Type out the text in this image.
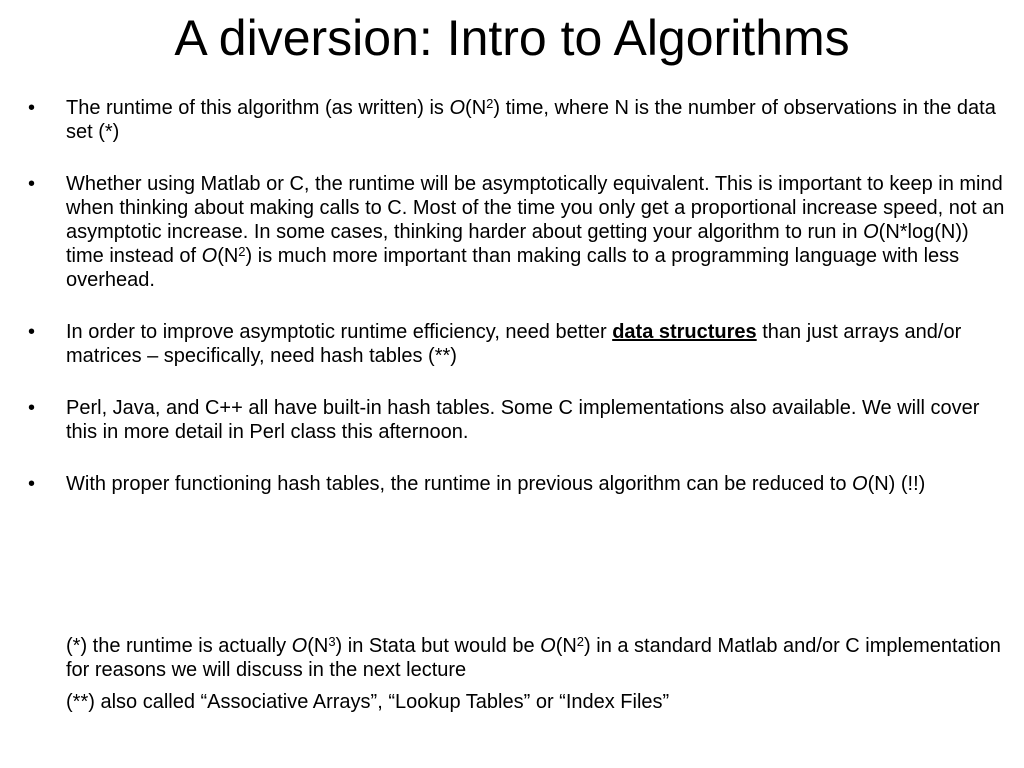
A diversion: Intro to Algorithms
• The runtime of this algorithm (as written) is $O(N^2)$ time, where N is the number of observations in the data set (*)
• Whether using Matlab or C, the runtime will be asymptotically equivalent. This is important to keep in mind when thinking about making calls to C. Most of the time you only get a proportional increase speed, not an asymptotic increase. In some cases, thinking harder about getting your algorithm to run in O(N*log(N)) time instead of $O(N^2)$ is much more important than making calls to a programming language with less overhead.
• In order to improve asymptotic runtime efficiency, need better data structures than just arrays and/or matrices – specifically, need hash tables (**)
• Perl, Java, and C++ all have built-in hash tables. Some C implementations also available. We will cover this in more detail in Perl class this afternoon.
• With proper functioning hash tables, the runtime in previous algorithm can be reduced to O(N) (!!)

(*) the runtime is actually $O(N^3)$ in Stata but would be $O(N^2)$ in a standard Matlab and/or C implementation for reasons we will discuss in the next lecture

(**) also called “Associative Arrays”, “Lookup Tables” or “Index Files”
